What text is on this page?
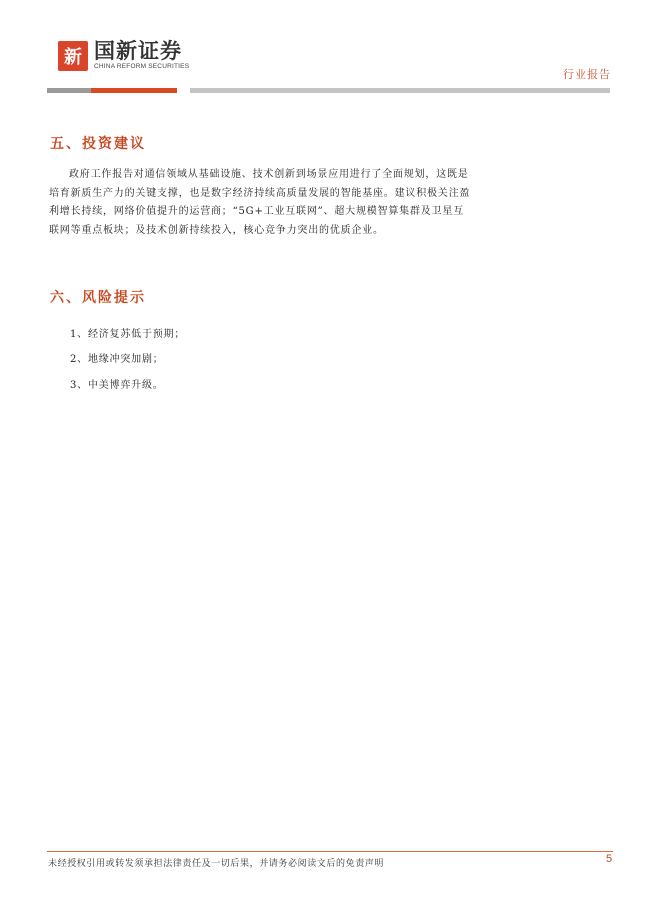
新 国新证券
CHINA REFORM SECURITIES
行业报告
五、投资建议

政府工作报告对通信领域从基础设施、技术创新到场景应用进行了全面规划，这既是培育新质生产力的关键支撑，也是数字经济持续高质量发展的智能基座。建议积极关注盈利增长持续，网络价值提升的运营商；“5G+工业互联网”、超大规模智算集群及卫星互联网等重点板块；及技术创新持续投入，核心竞争力突出的优质企业。

六、风险提示

1、经济复苏低于预期；

2、地缘冲突加剧；

3、中美博弈升级。

未经授权引用或转发须承担法律责任及一切后果，并请务必阅读文后的免责声明	5
